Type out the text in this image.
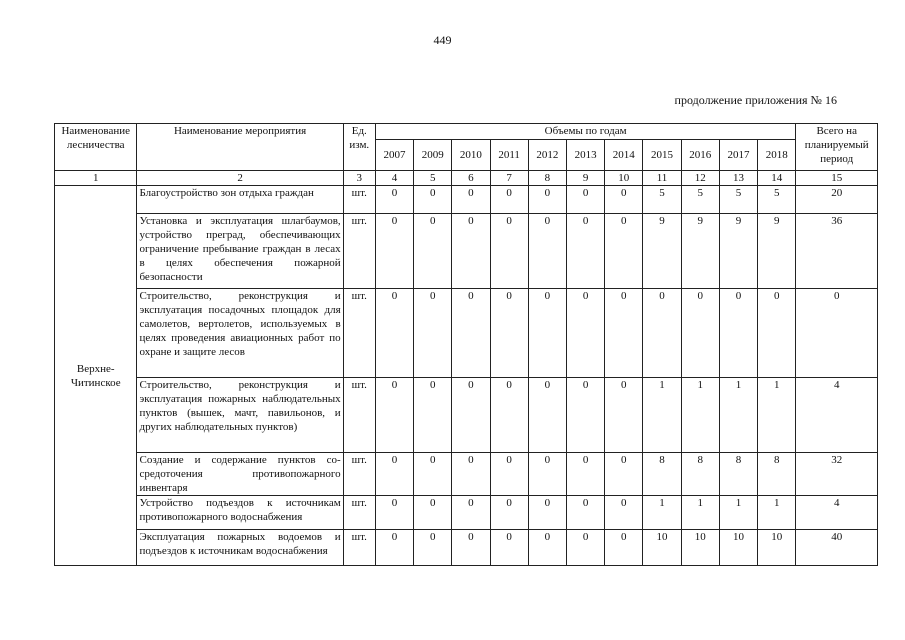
449
продолжение приложения № 16
Наименование лесничества	Наименование мероприятия	Ед. изм.	Объемы по годам											Всего на планируемый период
			2007	2009	2010	2011	2012	2013	2014	2015	2016	2017	2018	
1	2	3	4	5	6	7	8	9	10	11	12	13	14	15
Верхне-Читинское	Благоустройство зон отдыха граждан	шт.	0	0	0	0	0	0	0	5	5	5	5	20
	Установка и эксплуатация шлагбаумов, устройство преград, обеспечивающих ограничение пребывание граждан в лесах в целях обеспечения пожарной безопасности	шт.	0	0	0	0	0	0	0	9	9	9	9	36
	Строительство, реконструкция и эксплуатация посадочных площадок для самолетов, вертолетов, используемых в целях проведения авиационных работ по охране и защите лесов	шт.	0	0	0	0	0	0	0	0	0	0	0	0
	Строительство, реконструкция и эксплуатация пожарных наблюдательных пунктов (вышек, мачт, павильонов, и других наблюдательных пунктов)	шт.	0	0	0	0	0	0	0	1	1	1	1	4
	Создание и содержание пунктов сосредоточения противопожарного инвентаря	шт.	0	0	0	0	0	0	0	8	8	8	8	32
	Устройство подъездов к источникам противопожарного водоснабжения	шт.	0	0	0	0	0	0	0	1	1	1	1	4
	Эксплуатация пожарных водоемов и подъездов к источникам водоснабжения	шт.	0	0	0	0	0	0	0	10	10	10	10	40
